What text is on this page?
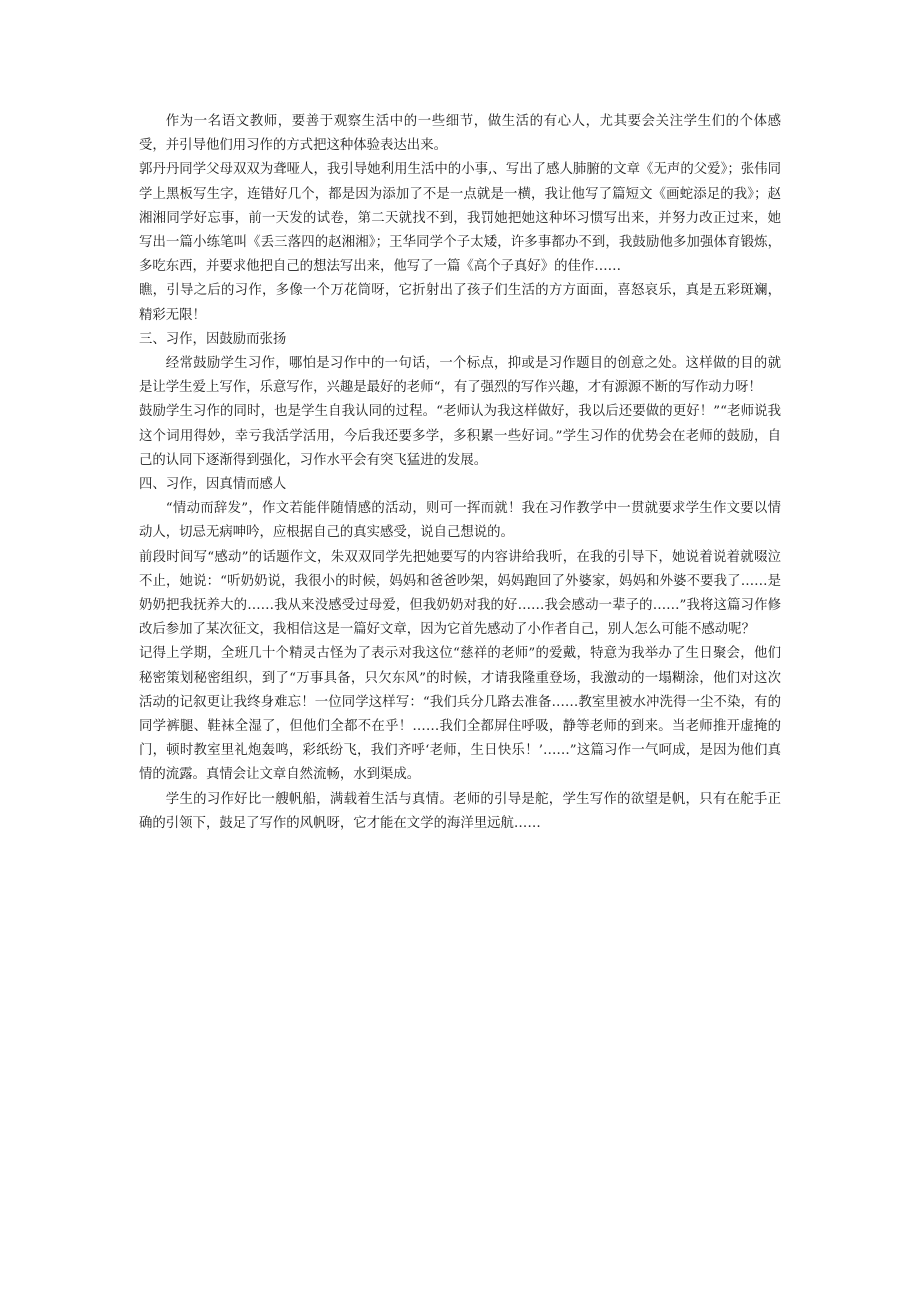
作为一名语文教师，要善于观察生活中的一些细节，做生活的有心人，尤其要会关注学生们的个体感受，并引导他们用习作的方式把这种体验表达出来。

郭丹丹同学父母双双为聋哑人，我引导她利用生活中的小事,、写出了感人肺腑的文章《无声的父爱》；张伟同学上黑板写生字，连错好几个，都是因为添加了不是一点就是一横，我让他写了篇短文《画蛇添足的我》；赵湘湘同学好忘事，前一天发的试卷，第二天就找不到，我罚她把她这种坏习惯写出来，并努力改正过来，她写出一篇小练笔叫《丢三落四的赵湘湘》；王华同学个子太矮，许多事都办不到，我鼓励他多加强体育锻炼，多吃东西，并要求他把自己的想法写出来，他写了一篇《高个子真好》的佳作……

瞧，引导之后的习作，多像一个万花筒呀，它折射出了孩子们生活的方方面面，喜怒哀乐，真是五彩斑斓，精彩无限！

三、习作，因鼓励而张扬

经常鼓励学生习作，哪怕是习作中的一句话，一个标点，抑或是习作题目的创意之处。这样做的目的就是让学生爱上写作，乐意写作，兴趣是最好的老师“，有了强烈的写作兴趣，才有源源不断的写作动力呀！

鼓励学生习作的同时，也是学生自我认同的过程。“老师认为我这样做好，我以后还要做的更好！”“老师说我这个词用得妙，幸亏我活学活用，今后我还要多学，多积累一些好词。”学生习作的优势会在老师的鼓励，自己的认同下逐渐得到强化，习作水平会有突飞猛进的发展。

四、习作，因真情而感人

“情动而辞发”，作文若能伴随情感的活动，则可一挥而就！我在习作教学中一贯就要求学生作文要以情动人，切忌无病呻吟，应根据自己的真实感受，说自己想说的。

前段时间写“感动”的话题作文，朱双双同学先把她要写的内容讲给我听，在我的引导下，她说着说着就啜泣不止，她说：“听奶奶说，我很小的时候，妈妈和爸爸吵架，妈妈跑回了外婆家，妈妈和外婆不要我了……是奶奶把我抚养大的……我从来没感受过母爱，但我奶奶对我的好……我会感动一辈子的……”我将这篇习作修改后参加了某次征文，我相信这是一篇好文章，因为它首先感动了小作者自己，别人怎么可能不感动呢？

记得上学期，全班几十个精灵古怪为了表示对我这位“慈祥的老师”的爱戴，特意为我举办了生日聚会，他们秘密策划秘密组织，到了“万事具备，只欠东风”的时候，才请我隆重登场，我激动的一塌糊涂，他们对这次活动的记叙更让我终身难忘！一位同学这样写：“我们兵分几路去准备……教室里被水冲洗得一尘不染，有的同学裤腿、鞋袜全湿了，但他们全都不在乎！……我们全都屏住呼吸，静等老师的到来。当老师推开虚掩的门，顿时教室里礼炮轰鸣，彩纸纷飞，我们齐呼‘老师，生日快乐！’……”这篇习作一气呵成，是因为他们真情的流露。真情会让文章自然流畅，水到渠成。

学生的习作好比一艘帆船，满载着生活与真情。老师的引导是舵，学生写作的欲望是帆，只有在舵手正确的引领下，鼓足了写作的风帆呀，它才能在文学的海洋里远航……
